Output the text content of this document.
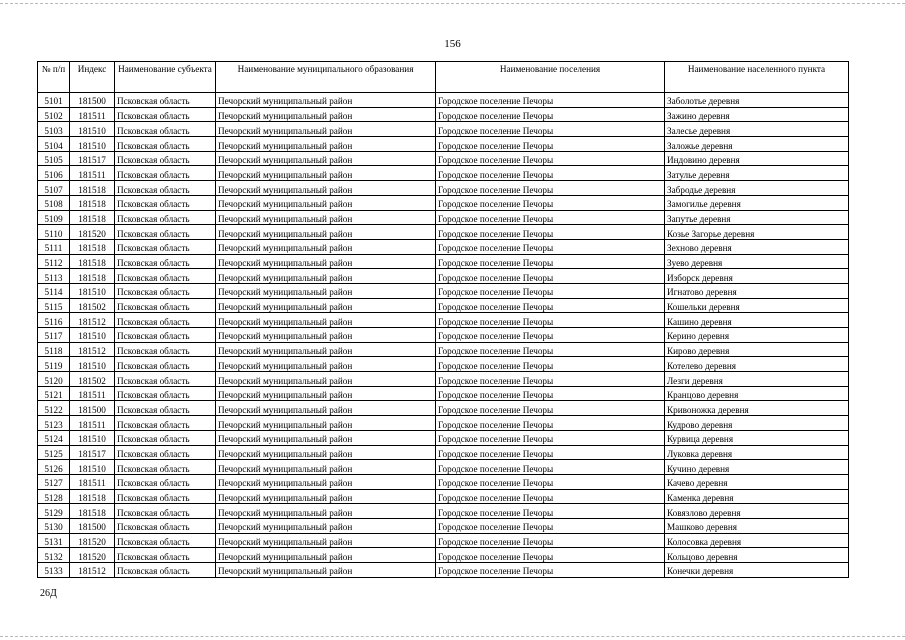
156
№ п/п	Индекс	Наименование субъекта	Наименование муниципального образования	Наименование поселения	Наименование населенного пункта
5101	181500	Псковская область	Печорский муниципальный район	Городское поселение Печоры	Заболотье деревня
5102	181511	Псковская область	Печорский муниципальный район	Городское поселение Печоры	Зажино деревня
5103	181510	Псковская область	Печорский муниципальный район	Городское поселение Печоры	Залесье деревня
5104	181510	Псковская область	Печорский муниципальный район	Городское поселение Печоры	Заложье деревня
5105	181517	Псковская область	Печорский муниципальный район	Городское поселение Печоры	Индовино деревня
5106	181511	Псковская область	Печорский муниципальный район	Городское поселение Печоры	Затулье деревня
5107	181518	Псковская область	Печорский муниципальный район	Городское поселение Печоры	Забродье деревня
5108	181518	Псковская область	Печорский муниципальный район	Городское поселение Печоры	Замогилье деревня
5109	181518	Псковская область	Печорский муниципальный район	Городское поселение Печоры	Запутье деревня
5110	181520	Псковская область	Печорский муниципальный район	Городское поселение Печоры	Козье Загорье деревня
5111	181518	Псковская область	Печорский муниципальный район	Городское поселение Печоры	Зехново деревня
5112	181518	Псковская область	Печорский муниципальный район	Городское поселение Печоры	Зуево деревня
5113	181518	Псковская область	Печорский муниципальный район	Городское поселение Печоры	Изборск деревня
5114	181510	Псковская область	Печорский муниципальный район	Городское поселение Печоры	Игнатово деревня
5115	181502	Псковская область	Печорский муниципальный район	Городское поселение Печоры	Кошельки деревня
5116	181512	Псковская область	Печорский муниципальный район	Городское поселение Печоры	Кашино деревня
5117	181510	Псковская область	Печорский муниципальный район	Городское поселение Печоры	Керино деревня
5118	181512	Псковская область	Печорский муниципальный район	Городское поселение Печоры	Кирово деревня
5119	181510	Псковская область	Печорский муниципальный район	Городское поселение Печоры	Котелево деревня
5120	181502	Псковская область	Печорский муниципальный район	Городское поселение Печоры	Лезги деревня
5121	181511	Псковская область	Печорский муниципальный район	Городское поселение Печоры	Кранцово деревня
5122	181500	Псковская область	Печорский муниципальный район	Городское поселение Печоры	Кривоножка деревня
5123	181511	Псковская область	Печорский муниципальный район	Городское поселение Печоры	Кудрово деревня
5124	181510	Псковская область	Печорский муниципальный район	Городское поселение Печоры	Курвица деревня
5125	181517	Псковская область	Печорский муниципальный район	Городское поселение Печоры	Луковка деревня
5126	181510	Псковская область	Печорский муниципальный район	Городское поселение Печоры	Кучино деревня
5127	181511	Псковская область	Печорский муниципальный район	Городское поселение Печоры	Качево деревня
5128	181518	Псковская область	Печорский муниципальный район	Городское поселение Печоры	Каменка деревня
5129	181518	Псковская область	Печорский муниципальный район	Городское поселение Печоры	Ковязлово деревня
5130	181500	Псковская область	Печорский муниципальный район	Городское поселение Печоры	Машково деревня
5131	181520	Псковская область	Печорский муниципальный район	Городское поселение Печоры	Колосовка деревня
5132	181520	Псковская область	Печорский муниципальный район	Городское поселение Печоры	Кольцово деревня
5133	181512	Псковская область	Печорский муниципальный район	Городское поселение Печоры	Конечки деревня
26Д
